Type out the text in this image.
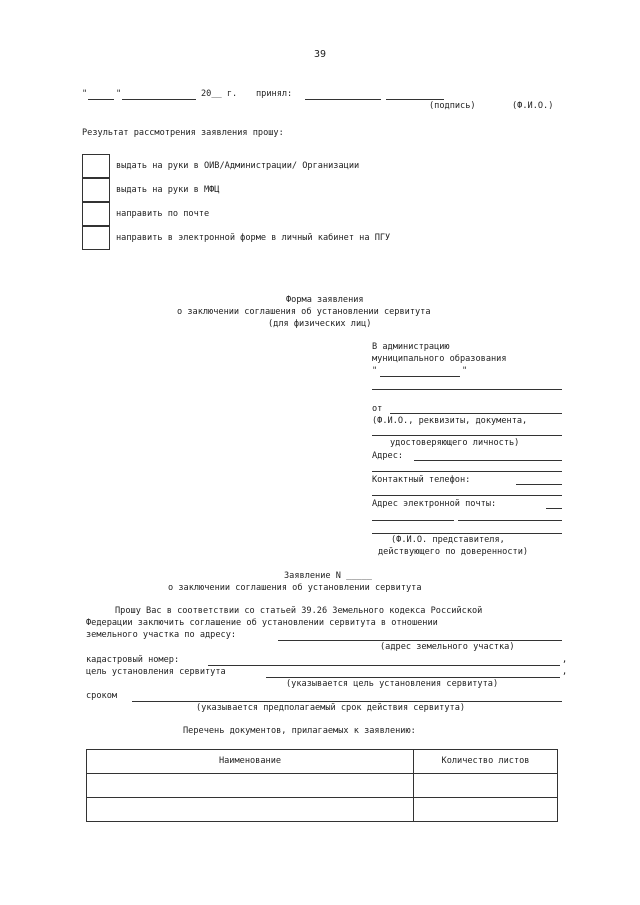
39
"	"	20__ г. принял:
(подпись)	(Ф.И.О.)
Результат рассмотрения заявления прошу:
выдать на руки в ОИВ/Администрации/ Организации
выдать на руки в МФЦ
направить по почте
направить в электронной форме в личный кабинет на ПГУ
Форма заявления
о заключении соглашения об установлении сервитута
(для физических лиц)
В администрацию
муниципального образования
"	"
от
(Ф.И.О., реквизиты, документа,
удостоверяющего личность)
Адрес:
Контактный телефон:
Адрес электронной почты:
(Ф.И.О. представителя,
действующего по доверенности)
Заявление N _____
о заключении соглашения об установлении сервитута
Прошу Вас в соответствии со статьей 39.26 Земельного кодекса Российской
Федерации заключить соглашение об установлении сервитута в отношении
земельного участка по адресу:
(адрес земельного участка)
кадастровый номер:	,
цель установления сервитута	,
(указывается цель установления сервитута)
сроком
(указывается предполагаемый срок действия сервитута)
Перечень документов, прилагаемых к заявлению:
Наименование	Количество листов
